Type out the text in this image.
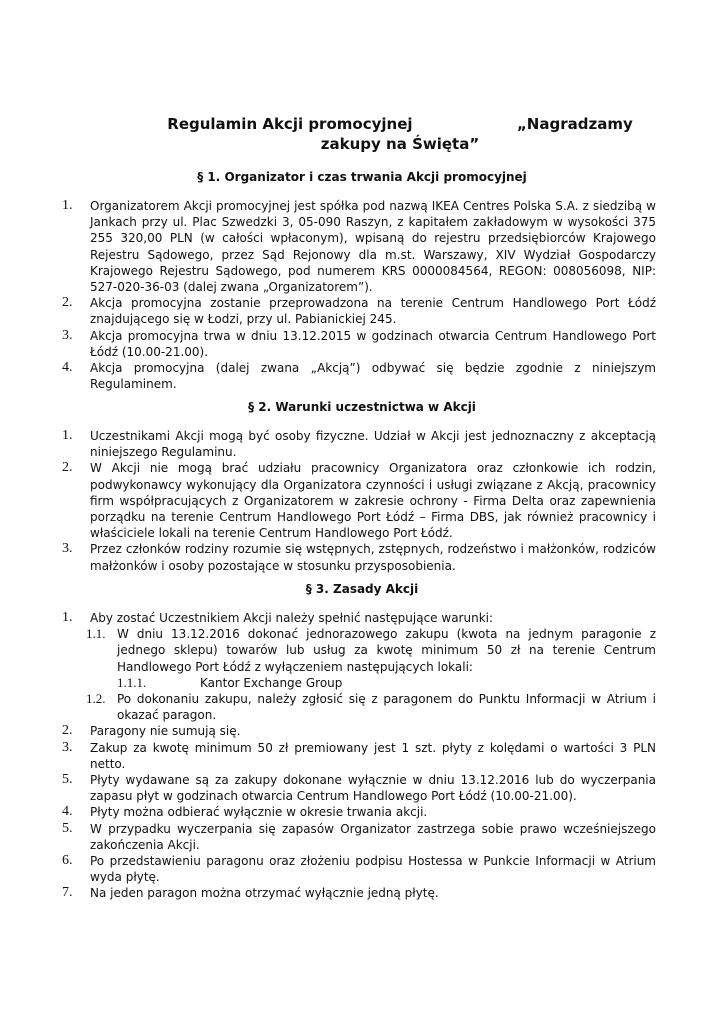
Regulamin Akcji promocyjnej                    „Nagradzamy
zakupy na Święta”
§ 1. Organizator i czas trwania Akcji promocyjnej
1. Organizatorem Akcji promocyjnej jest spółka pod nazwą IKEA Centres Polska S.A. z siedzibą w Jankach przy ul. Plac Szwedzki 3, 05-090 Raszyn, z kapitałem zakładowym w wysokości 375 255 320,00 PLN (w całości wpłaconym), wpisaną do rejestru przedsiębiorców Krajowego Rejestru Sądowego, przez Sąd Rejonowy dla m.st. Warszawy, XIV Wydział Gospodarczy Krajowego Rejestru Sądowego, pod numerem KRS 0000084564, REGON: 008056098, NIP: 527-020-36-03 (dalej zwana „Organizatorem”).
2. Akcja promocyjna zostanie przeprowadzona na terenie Centrum Handlowego Port Łódź znajdującego się w Łodzi, przy ul. Pabianickiej 245.
3. Akcja promocyjna trwa w dniu 13.12.2015 w godzinach otwarcia Centrum Handlowego Port Łódź (10.00-21.00).
4. Akcja promocyjna (dalej zwana „Akcją”) odbywać się będzie zgodnie z niniejszym Regulaminem.
§ 2. Warunki uczestnictwa w Akcji
1. Uczestnikami Akcji mogą być osoby fizyczne. Udział w Akcji jest jednoznaczny z akceptacją niniejszego Regulaminu.
2. W Akcji nie mogą brać udziału pracownicy Organizatora oraz członkowie ich rodzin, podwykonawcy wykonujący dla Organizatora czynności i usługi związane z Akcją, pracownicy firm współpracujących z Organizatorem w zakresie ochrony - Firma Delta oraz zapewnienia porządku na terenie Centrum Handlowego Port Łódź – Firma DBS, jak również pracownicy i właściciele lokali na terenie Centrum Handlowego Port Łódź.
3. Przez członków rodziny rozumie się wstępnych, zstępnych, rodzeństwo i małżonków, rodziców małżonków i osoby pozostające w stosunku przysposobienia.
§ 3. Zasady Akcji
1. Aby zostać Uczestnikiem Akcji należy spełnić następujące warunki:
1.1. W dniu 13.12.2016 dokonać jednorazowego zakupu (kwota na jednym paragonie z jednego sklepu) towarów lub usług za kwotę minimum 50 zł na terenie Centrum Handlowego Port Łódź z wyłączeniem następujących lokali:
1.1.1.	Kantor Exchange Group
1.2. Po dokonaniu zakupu, należy zgłosić się z paragonem do Punktu Informacji w Atrium i okazać paragon.
2. Paragony nie sumują się.
3. Zakup za kwotę minimum 50 zł premiowany jest 1 szt. płyty z kolędami o wartości 3 PLN netto.
5. Płyty wydawane są za zakupy dokonane wyłącznie w dniu 13.12.2016 lub do wyczerpania zapasu płyt w godzinach otwarcia Centrum Handlowego Port Łódź (10.00-21.00).
4. Płyty można odbierać wyłącznie w okresie trwania akcji.
5. W przypadku wyczerpania się zapasów Organizator zastrzega sobie prawo wcześniejszego zakończenia Akcji.
6. Po przedstawieniu paragonu oraz złożeniu podpisu Hostessa w Punkcie Informacji w Atrium wyda płytę.
7. Na jeden paragon można otrzymać wyłącznie jedną płytę.
